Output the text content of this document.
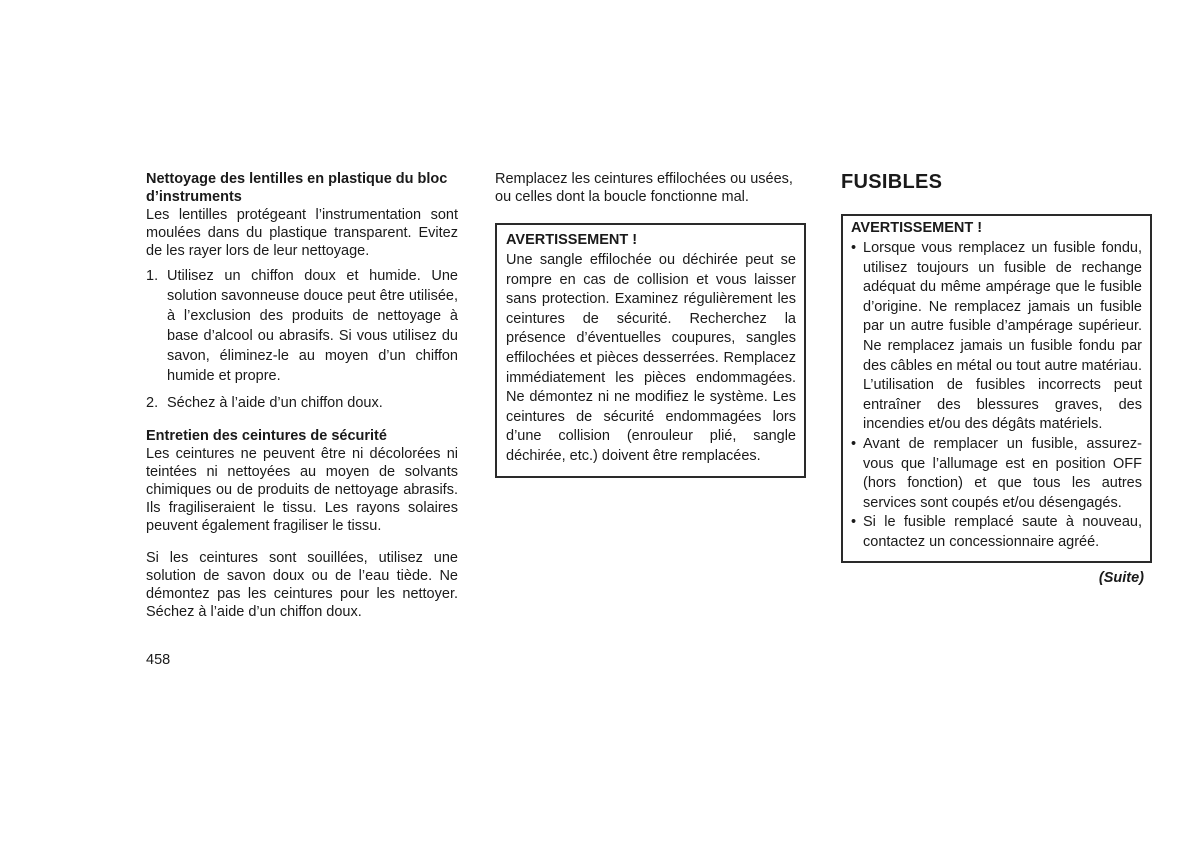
Nettoyage des lentilles en plastique du bloc d’instruments

Les lentilles protégeant l’instrumentation sont moulées dans du plastique transparent. Evitez de les rayer lors de leur nettoyage.

1. Utilisez un chiffon doux et humide. Une solution savonneuse douce peut être utilisée, à l’exclusion des produits de nettoyage à base d’alcool ou abrasifs. Si vous utilisez du savon, éliminez-le au moyen d’un chiffon humide et propre.
2. Séchez à l’aide d’un chiffon doux.

Entretien des ceintures de sécurité

Les ceintures ne peuvent être ni décolorées ni teintées ni nettoyées au moyen de solvants chimiques ou de produits de nettoyage abrasifs. Ils fragiliseraient le tissu. Les rayons solaires peuvent également fragiliser le tissu.

Si les ceintures sont souillées, utilisez une solution de savon doux ou de l’eau tiède. Ne démontez pas les ceintures pour les nettoyer. Séchez à l’aide d’un chiffon doux.

Remplacez les ceintures effilochées ou usées, ou celles dont la boucle fonctionne mal.

AVERTISSEMENT !
Une sangle effilochée ou déchirée peut se rompre en cas de collision et vous laisser sans protection. Examinez régulièrement les ceintures de sécurité. Recherchez la présence d’éventuelles coupures, sangles effilochées et pièces desserrées. Remplacez immédiatement les pièces endommagées. Ne démontez ni ne modifiez le système. Les ceintures de sécurité endommagées lors d’une collision (enrouleur plié, sangle déchirée, etc.) doivent être remplacées.
FUSIBLES
AVERTISSEMENT !
• Lorsque vous remplacez un fusible fondu, utilisez toujours un fusible de rechange adéquat du même ampérage que le fusible d’origine. Ne remplacez jamais un fusible par un autre fusible d’ampérage supérieur. Ne remplacez jamais un fusible fondu par des câbles en métal ou tout autre matériau. L’utilisation de fusibles incorrects peut entraîner des blessures graves, des incendies et/ou des dégâts matériels.
• Avant de remplacer un fusible, assurez-vous que l’allumage est en position OFF (hors fonction) et que tous les autres services sont coupés et/ou désengagés.
• Si le fusible remplacé saute à nouveau, contactez un concessionnaire agréé.
(Suite)
458
